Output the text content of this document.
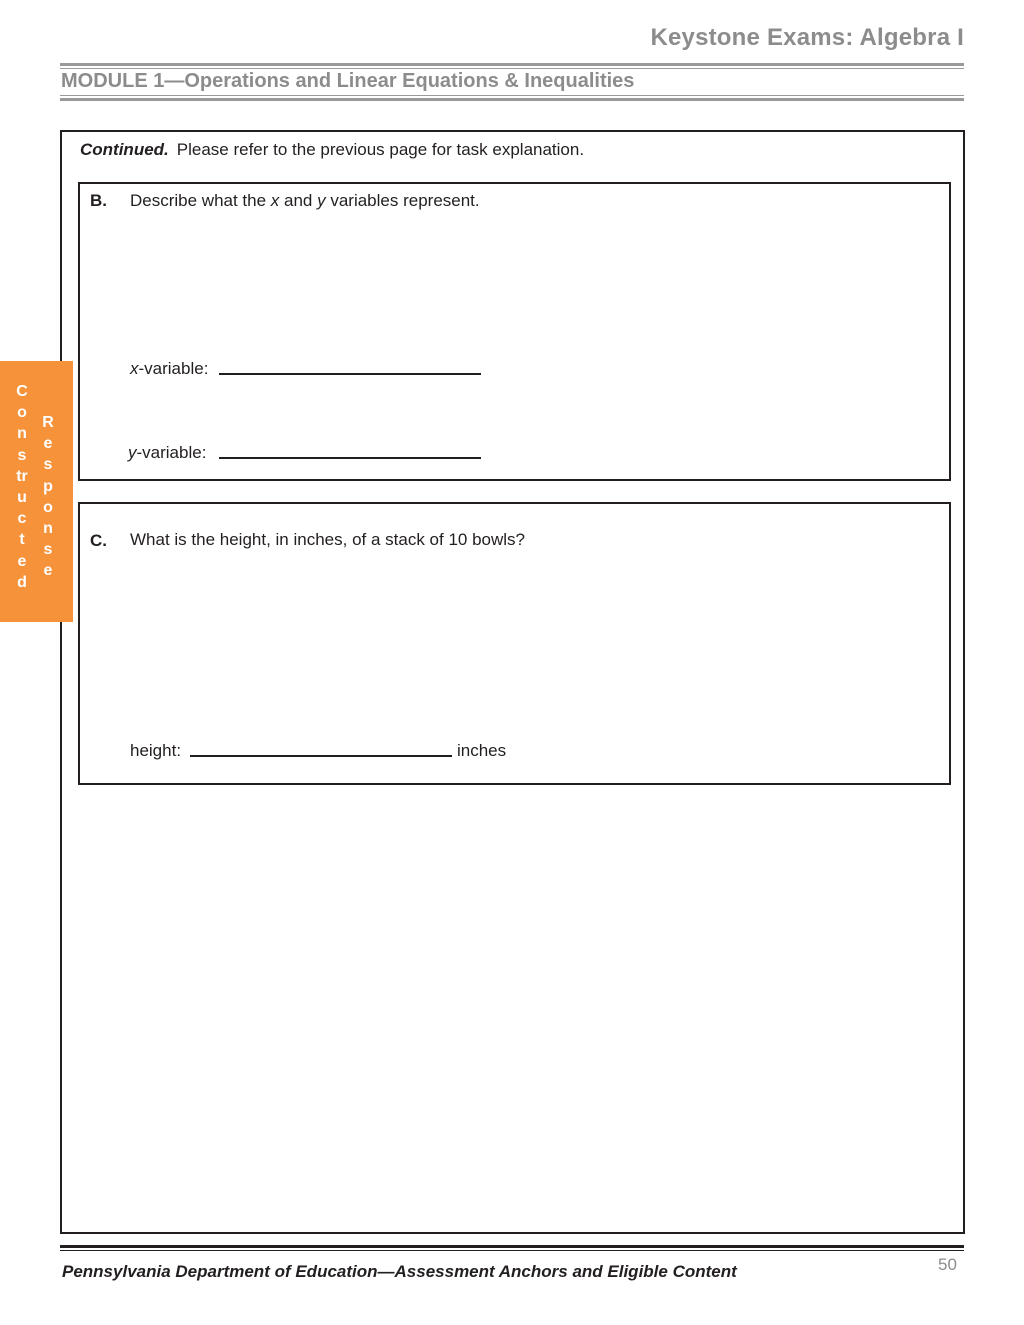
Keystone Exams: Algebra I
MODULE 1—Operations and Linear Equations & Inequalities
Continued. Please refer to the previous page for task explanation.
B. Describe what the x and y variables represent.
x-variable:
y-variable:
C. What is the height, in inches, of a stack of 10 bowls?
height:	inches
Constructed
Response
Pennsylvania Department of Education—Assessment Anchors and Eligible Content	50
